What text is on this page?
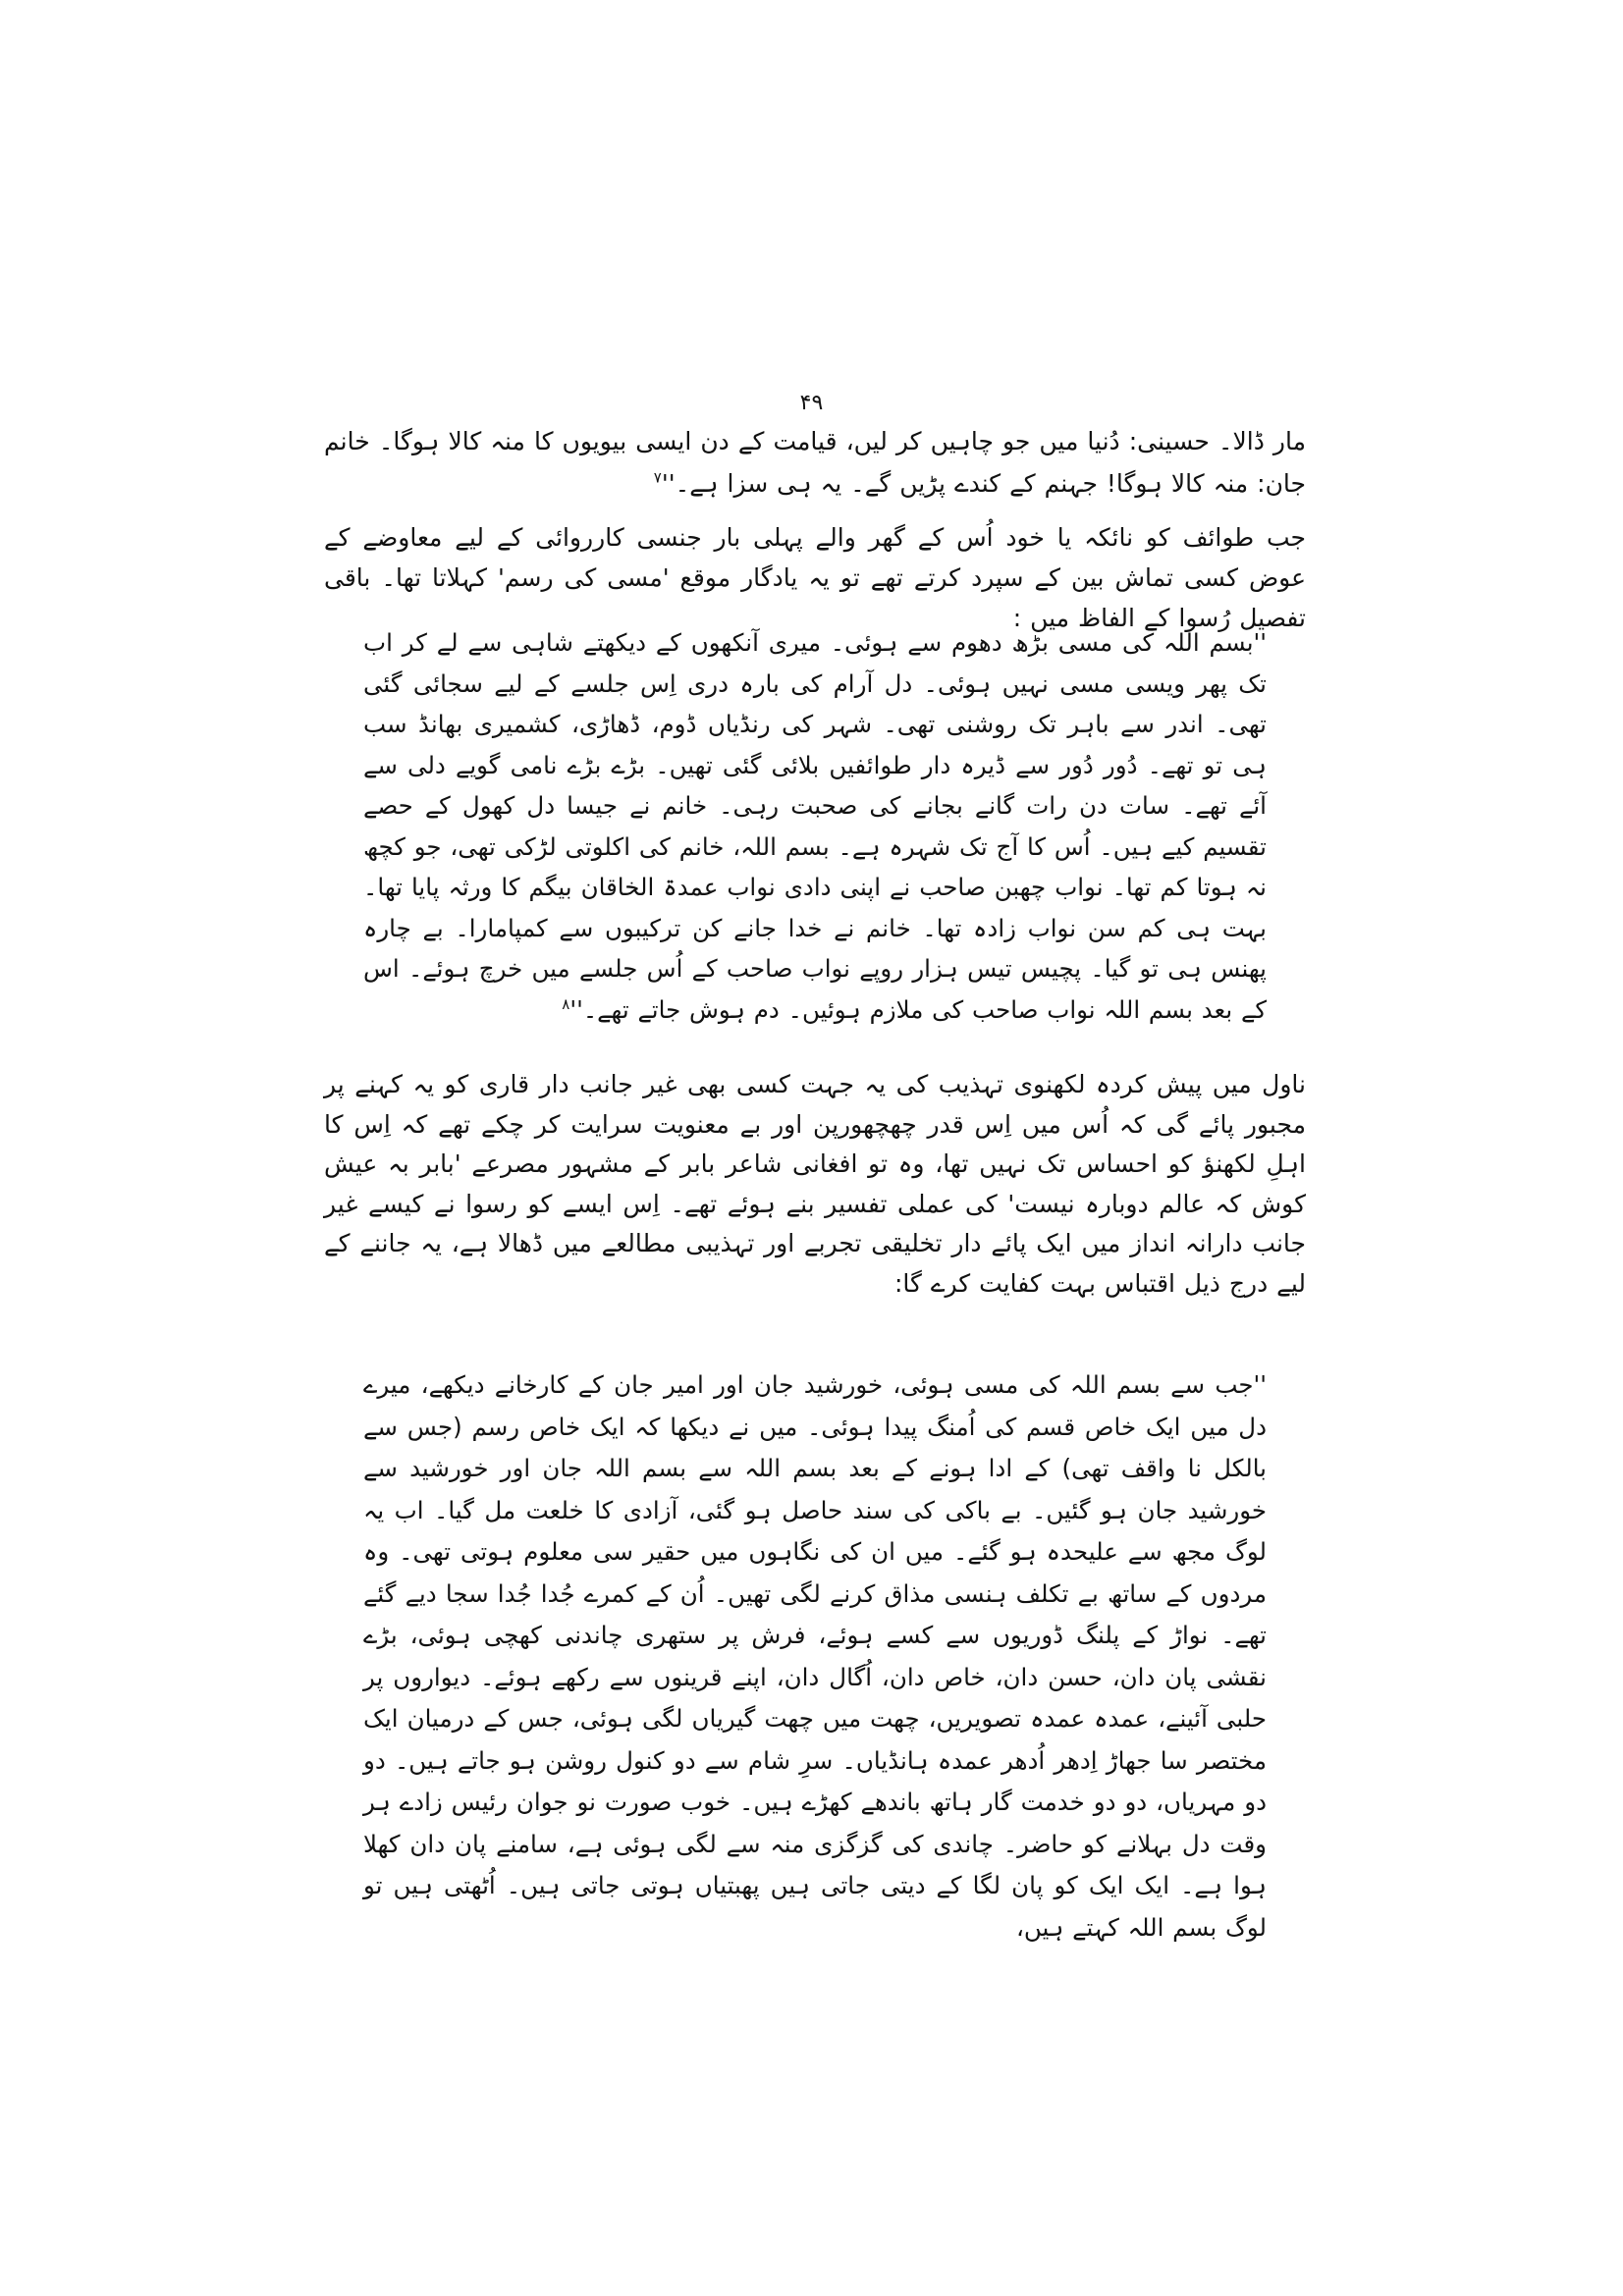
۴۹

مار ڈالا۔ حسینی: دُنیا میں جو چاہیں کر لیں، قیامت کے دن ایسی بیویوں کا منہ کالا ہوگا۔ خانم جان: منہ کالا ہوگا! جہنم کے کندے پڑیں گے۔ یہ ہی سزا ہے۔''$^۷$

جب طوائف کو نائکہ یا خود اُس کے گھر والے پہلی بار جنسی کارروائی کے لیے معاوضے کے عوض کسی تماش بین کے سپرد کرتے تھے تو یہ یادگار موقع 'مسی کی رسم' کہلاتا تھا۔ باقی تفصیل رُسوا کے الفاظ میں :

''بسم اللہ کی مسی بڑھ دھوم سے ہوئی۔ میری آنکھوں کے دیکھتے شاہی سے لے کر اب تک پھر ویسی مسی نہیں ہوئی۔ دل آرام کی بارہ دری اِس جلسے کے لیے سجائی گئی تھی۔ اندر سے باہر تک روشنی تھی۔ شہر کی رنڈیاں ڈوم، ڈھاڑی، کشمیری بھانڈ سب ہی تو تھے۔ دُور دُور سے ڈیرہ دار طوائفیں بلائی گئی تھیں۔ بڑے بڑے نامی گویے دلی سے آئے تھے۔ سات دن رات گانے بجانے کی صحبت رہی۔ خانم نے جیسا دل کھول کے حصے تقسیم کیے ہیں۔ اُس کا آج تک شہرہ ہے۔ بسم اللہ، خانم کی اکلوتی لڑکی تھی، جو کچھ نہ ہوتا کم تھا۔ نواب چھبن صاحب نے اپنی دادی نواب عمدۃ الخاقان بیگم کا ورثہ پایا تھا۔ بہت ہی کم سن نواب زادہ تھا۔ خانم نے خدا جانے کن ترکیبوں سے کمپامارا۔ بے چارہ پھنس ہی تو گیا۔ پچیس تیس ہزار روپے نواب صاحب کے اُس جلسے میں خرچ ہوئے۔ اس کے بعد بسم اللہ نواب صاحب کی ملازم ہوئیں۔ دم ہوش جاتے تھے۔''$^۸$

ناول میں پیش کردہ لکھنوی تہذیب کی یہ جہت کسی بھی غیر جانب دار قاری کو یہ کہنے پر مجبور پائے گی کہ اُس میں اِس قدر چھچھورپن اور بے معنویت سرایت کر چکے تھے کہ اِس کا اہلِ لکھنؤ کو احساس تک نہیں تھا، وہ تو افغانی شاعر بابر کے مشہور مصرعے 'بابر بہ عیش کوش کہ عالم دوبارہ نیست' کی عملی تفسیر بنے ہوئے تھے۔ اِس ایسے کو رسوا نے کیسے غیر جانب دارانہ انداز میں ایک پائے دار تخلیقی تجربے اور تہذیبی مطالعے میں ڈھالا ہے، یہ جاننے کے لیے درج ذیل اقتباس بہت کفایت کرے گا:

''جب سے بسم اللہ کی مسی ہوئی، خورشید جان اور امیر جان کے کارخانے دیکھے، میرے دل میں ایک خاص قسم کی اُمنگ پیدا ہوئی۔ میں نے دیکھا کہ ایک خاص رسم (جس سے بالکل نا واقف تھی) کے ادا ہونے کے بعد بسم اللہ سے بسم اللہ جان اور خورشید سے خورشید جان ہو گئیں۔ بے باکی کی سند حاصل ہو گئی، آزادی کا خلعت مل گیا۔ اب یہ لوگ مجھ سے علیحدہ ہو گئے۔ میں ان کی نگاہوں میں حقیر سی معلوم ہوتی تھی۔ وہ مردوں کے ساتھ بے تکلف ہنسی مذاق کرنے لگی تھیں۔ اُن کے کمرے جُدا جُدا سجا دیے گئے تھے۔ نواڑ کے پلنگ ڈوریوں سے کسے ہوئے، فرش پر ستھری چاندنی کھچی ہوئی، بڑے نقشی پان دان، حسن دان، خاص دان، اُگال دان، اپنے قرینوں سے رکھے ہوئے۔ دیواروں پر حلبی آئینے، عمدہ عمدہ تصویریں، چھت میں چھت گیریاں لگی ہوئی، جس کے درمیان ایک مختصر سا جھاڑ اِدھر اُدھر عمدہ ہانڈیاں۔ سرِ شام سے دو کنول روشن ہو جاتے ہیں۔ دو دو مہریاں، دو دو خدمت گار ہاتھ باندھے کھڑے ہیں۔ خوب صورت نو جوان رئیس زادے ہر وقت دل بہلانے کو حاضر۔ چاندی کی گزگزی منہ سے لگی ہوئی ہے، سامنے پان دان کھلا ہوا ہے۔ ایک ایک کو پان لگا کے دیتی جاتی ہیں پھبتیاں ہوتی جاتی ہیں۔ اُٹھتی ہیں تو لوگ بسم اللہ کہتے ہیں،
